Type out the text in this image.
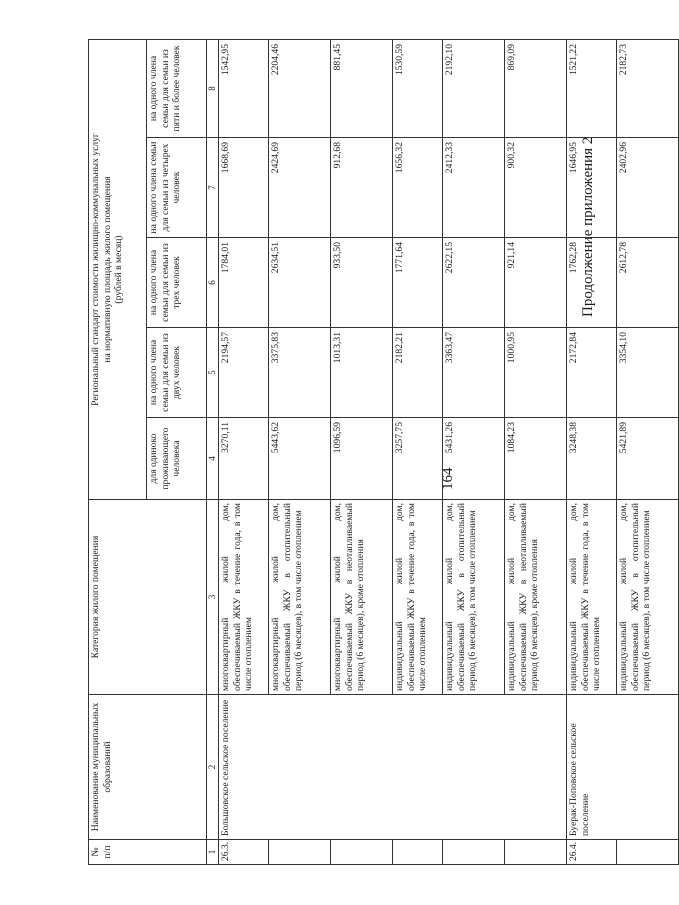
164
Продолжение приложения 2
№ п/п	Наименование муниципальных образований	Категория жилого помещения	Региональный стандарт стоимости жилищно-коммунальных услуг на нормативную площадь жилого помещения (рублей в месяц)				

			для одиноко проживающего человека	на одного члена семьи для семьи из двух человек	на одного члена семьи для семьи из трех человек	на одного члена семьи для семьи из четырех человек	на одного члена семьи для семьи из пяти и более человек
1	2	3	4	5	6	7	8
26.3.	Большовское сельское поселение	многоквартирный жилой дом, обеспечиваемый ЖКУ в течение года, в том числе отоплением	3270,11	2194,57	1784,01	1668,69	1542,95
		многоквартирный жилой дом, обеспечиваемый ЖКУ в отопительный период (6 месяцев), в том числе отоплением	5443,62	3375,83	2634,51	2424,69	2204,46
		многоквартирный жилой дом, обеспечиваемый ЖКУ в неотапливаемый период (6 месяцев), кроме отопления	1096,59	1013,31	933,50	912,68	881,45
		индивидуальный жилой дом, обеспечиваемый ЖКУ в течение года, в том числе отоплением	3257,75	2182,21	1771,64	1656,32	1530,59
		индивидуальный жилой дом, обеспечиваемый ЖКУ в отопительный период (6 месяцев), в том числе отоплением	5431,26	3363,47	2622,15	2412,33	2192,10
		индивидуальный жилой дом, обеспечиваемый ЖКУ в неотапливаемый период (6 месяцев), кроме отопления	1084,23	1000,95	921,14	900,32	869,09
26.4.	Буерак-Поповское сельское поселение	индивидуальный жилой дом, обеспечиваемый ЖКУ в течение года, в том числе отоплением	3248,38	2172,84	1762,28	1646,95	1521,22
		индивидуальный жилой дом, обеспечиваемый ЖКУ в отопительный период (6 месяцев), в том числе отоплением	5421,89	3354,10	2612,78	2402,96	2182,73
